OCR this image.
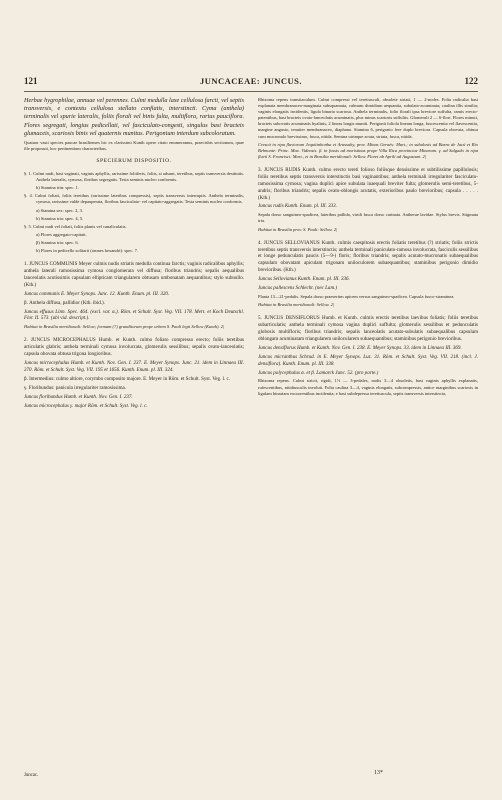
121	JUNCACEAE: JUNCUS.	122

Herbae hygrophilae, annuae vel perennes. Culmi medulla laxe cellulosa farcti, vel septis transversis, e contextu cellulosa stellato confiatis, interstincti. Cyma (anthela) terminalis vel spurie lateralis, foliis florali vel binis fulta, multiflora, rarius pauciflora. Flores segregati, longius pedicellati, vel fasciculato-congesti, singulus basi bracteis glumaceis, scariosis binis vel quaternis munitus. Perigonium interdum subcoloratum.

Quatuor vasti species paucae brasilienses hic ex clarissimi Kunth opere citato enumeramus, praecisbis sectionum, quae ille proposuit, hoc pertinentium characteribus.

SPECIERUM DISPOSITIO.

§. 1. Culmi nudi, basi vaginati, vaginis aphyllis, rarissime foliiferis, foliis, si adsunt, teretibus, septis transversis destitutis. Anthela lateralis, cymosa, floribus segregatis. Testa seminis nucleo conformis.

b) Stamina trin: spec. 1.

§. 4. Culmi foliati, foliis teretibus (rarissime lateribus compressis), septis transversis interruptis. Anthela terminalis, cymosa, rarissime valde depauperata, floribus fasciculato- vel capitato-aggregatis. Testa seminis nucleo conformis.

a) Stamina sex: spec. 2, 3.

b) Stamina tria: spec. 4, 5.

§. 5. Culmi nudi vel foliati, foliis planis vel canaliculatis.

a) Flores aggregato-capitati.

β) Stamina tria: spec. 6.

b) Flores in pedicello solitarii (omnes hexandri): spec. 7.

1. JUNCUS COMMUNIS Meyer culmis nudis striatis medulla continua farctis; vaginis radicalibus aphyllis; anthela laterali ramosissima cymosa conglomerata vel diffusa; floribus triandris; sepalis aequalibus lanceolatis acutissimis capsulam ellipticam triangularem obtusam umbonatam aequantibus; stylo subnullo. (Kth.)

Juncus communis E. Meyer Synops. Junc. 12. Kunth. Enum. pl. III. 320.

β. Anthela diffusa, pallidior (Kth. ibid.).

Juncus effusus Linn. Spec. 464. (excl. var. α.). Röm. et Schult. Syst. Veg. VII. 178. Mert. et Koch Deutschl. Flor. II. 573. (ubi vid. descript.).

Habitat in Brasilia meridionali: Sellow; formam (?) granditoram prope urbem S. Pauli legit Sellow (Kunth). 2|

2. JUNCUS MICROCEPHALUS Humb. et Kunth. culmo foliato compresso erecto; foliis teretibus articulatis glabris; anthela terminali cymosa involucrata, glomerulis sessilibus; sepalis ovato-lanceolatis; capsula obovata obtusa trigona longioribus.

Juncus microcephalus Humb. et Kunth. Nov. Gen. I. 237. E. Meyer Synops. Junc. 21. idem in Linnaea III. 370. Röm. et Schult. Syst. Veg. VII. 195 et 1656. Kunth. Enum. pl. III. 324.

β. Intermedius: culmo altiore, corymbo composito majore. E. Meyer in Röm. et Schult. Syst. Veg. l. c.

γ. Floribundus: panicula irregulariter ramosissima.

Juncus floribundus Humb. et Kunth. Nov. Gen. I. 237.

Juncus microcephalus γ. major Röm. et Schult. Syst. Veg. l. c.

Rhizoma repens transiiaculum. Culmi compressi vel teretiusculi, obsolete striati, 1 — 2-nodes. Folia radicalia basi explanata membranaceo-marginata subsquamata, culmum dimidium aequantia, subulato-acuminata; caulina illis similia; vaginis elongatis incidentis, ligula binaria scariosa. Anthela terminalis, folio florali ipsa breviore suffulta, ramis erecto-patentibus, basi bracteis ovato-lanceolatis acuminatis, plus minus scariosis suffultis. Glomeruli 2 — 6-flori. Flores minuti, bracteis subovatis acuminatis hyalinis, 2 lineas longis muniti. Perigonii foliola lineam longa, fuscescentia vel flavescentia, margine angusto, tenuiter membranaceo, diaphano. Stamina 6, perigonio fere duplo breviora. Capsula obovata, obtusa cum mucronulo brevissimo, fusca, nitida. Semina utrinque acuta, striata, fusca, nitida.

Crescit in ripa fluviorum Jequitinhonha et Arassuhy, prov. Minas Geraës: Mart.; in subulosis ad Barra de Jacú et Rio Belmonte: Princ. Max. Vidensis. β. in fossis ad moristinas prope Villa Rica provinciae Minarum. γ. ad Salgado in ripa fluvii S. Francisci: Mart., et in Brasilia meridionali: Sellow. Floret ab Aprili ad Augustum. 2|

3. JUNCUS RUDIS Kunth. culmo erecto tereti folioso foliisque densissime et subtilissime papillulosis; foliis teretibus septis transversis interstinctis basi vaginantibus; anthela terminali irregulariter fasciculato-ramosissima cymosa; vagina duplici apice subulata inaequali breviter fulta; glomerulis semi-teretibus, 5-andris; floribus triandris; sepalis ovato-oblongis acutatis, exterioribus paulo brevioribus; capsula . . . . . (Kth.)

Juncus rudis Kunth. Enum. pl. III. 333.

Sepala dorso sanguineo-spadicea, lateribus pallida, viridi fusca dorso carinata. Antherae lavidae. Stylus brevis. Stigmata tria.

Habitat in Brasilia prov. S. Pauli: Sellow. 2|

4. JUNCUS SELLOVIANUS Kunth. culmis caespitosis erectis foliatis teretibus (?) striatis; foliis strictis teretibus septis transversis interstinctis; anthela terminali paniculato-ramosa involucrata, fasciculis sessilibus et longe pedunculatis paucis (5—9-) floris; floribus triandris; sepalis acutato-mucronatis subaequalibus capsulam obovatam apiculam trigonam uniloculorem subaequantibus; staminibus perigonio dimidio brevioribus. (Kth.)

Juncus Sellovianus Kunth. Enum. pl. III. 336.

Juncus pallescens Schlecht. (nec Lam.)

Planta 13—21-pedalis. Sepala dorso praesertim apicem versus sanguineo-spadicea. Capsula fusco-straminea.

Habitat in Brasilia meridionali: Sellow. 2|

5. JUNCUS DENSIFLORUS Humb. et Kunth. culmis erectis teretibus laevibus foliatis; foliis teretibus subarticulatis; anthela terminali cymosa vagina duplici suffulta; glomerulis sessilibus et pedunculatis globosis multifloris; floribus triandris; sepalis lanceolatis acutato-subulatis subaequalibus capsulam oblongam acuminatam triangularem unilocularem subaequantibus; staminibus perigonio brevioribus.

Juncus densiflorus Humb. et Kunth. Nov. Gen. I. 238. E. Meyer Synops. 33. idem in Linnaea III. 369.

Juncus micranthus Schrad. in E. Meyer Synops. Luz. 31. Röm. et Schult. Syst. Veg. VII. 218. (incl. J. densiflora). Kunth. Enum. pl. III. 338.

Juncus polycephalus α. et β. Lamarck Junc. 52. (pro parte.)

Rhizoma repens. Culmi stricti, rigidi, 1½ — 3-pedales, nodis 3—4 obsoletis, basi vaginis aphyllis explanatis, rufescentibus, nitidiusculis involuti. Folia caulina 3—4, vaginis elongatis, subcompressis, antice marginibus scariosis in ligulam binariam excurrentibus incidentia; e basi subdepressa teretiuscula, septis transversis interstincta,

Juncac.	13*
